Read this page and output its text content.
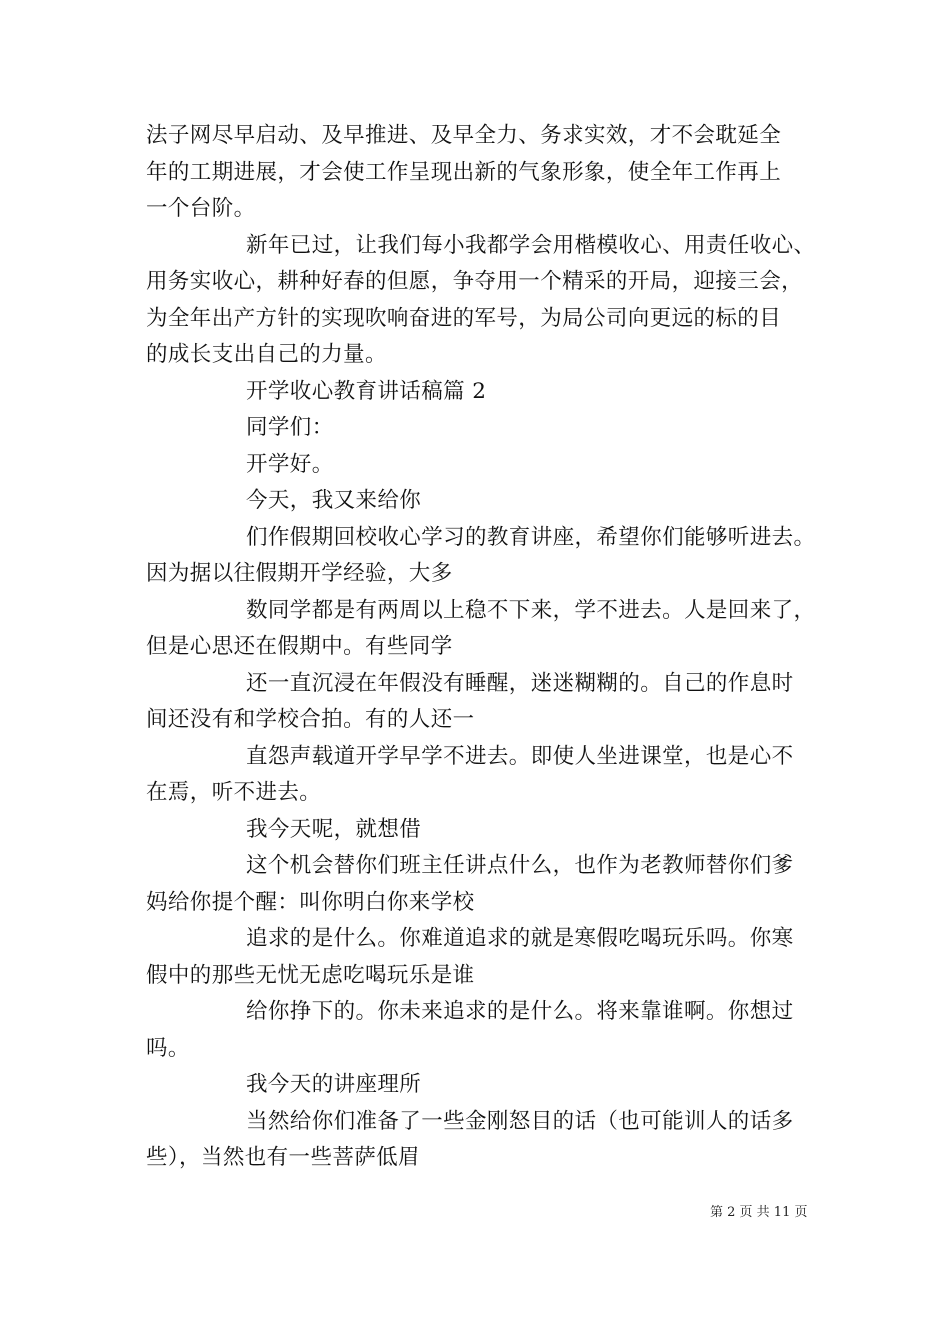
法子网尽早启动、及早推进、及早全力、务求实效，才不会耽延全
年的工期进展，才会使工作呈现出新的气象形象，使全年工作再上
一个台阶。
新年已过，让我们每小我都学会用楷模收心、用责任收心、
用务实收心，耕种好春的但愿，争夺用一个精采的开局，迎接三会，
为全年出产方针的实现吹响奋进的军号，为局公司向更远的标的目
的成长支出自己的力量。
开学收心教育讲话稿篇 2
同学们：
开学好。
今天，我又来给你
们作假期回校收心学习的教育讲座，希望你们能够听进去。
因为据以往假期开学经验，大多
数同学都是有两周以上稳不下来，学不进去。人是回来了，
但是心思还在假期中。有些同学
还一直沉浸在年假没有睡醒，迷迷糊糊的。自己的作息时
间还没有和学校合拍。有的人还一
直怨声载道开学早学不进去。即使人坐进课堂，也是心不
在焉，听不进去。
我今天呢，就想借
这个机会替你们班主任讲点什么，也作为老教师替你们爹
妈给你提个醒：叫你明白你来学校
追求的是什么。你难道追求的就是寒假吃喝玩乐吗。你寒
假中的那些无忧无虑吃喝玩乐是谁
给你挣下的。你未来追求的是什么。将来靠谁啊。你想过
吗。
我今天的讲座理所
当然给你们准备了一些金刚怒目的话（也可能训人的话多
些），当然也有一些菩萨低眉
第 2 页 共 11 页
